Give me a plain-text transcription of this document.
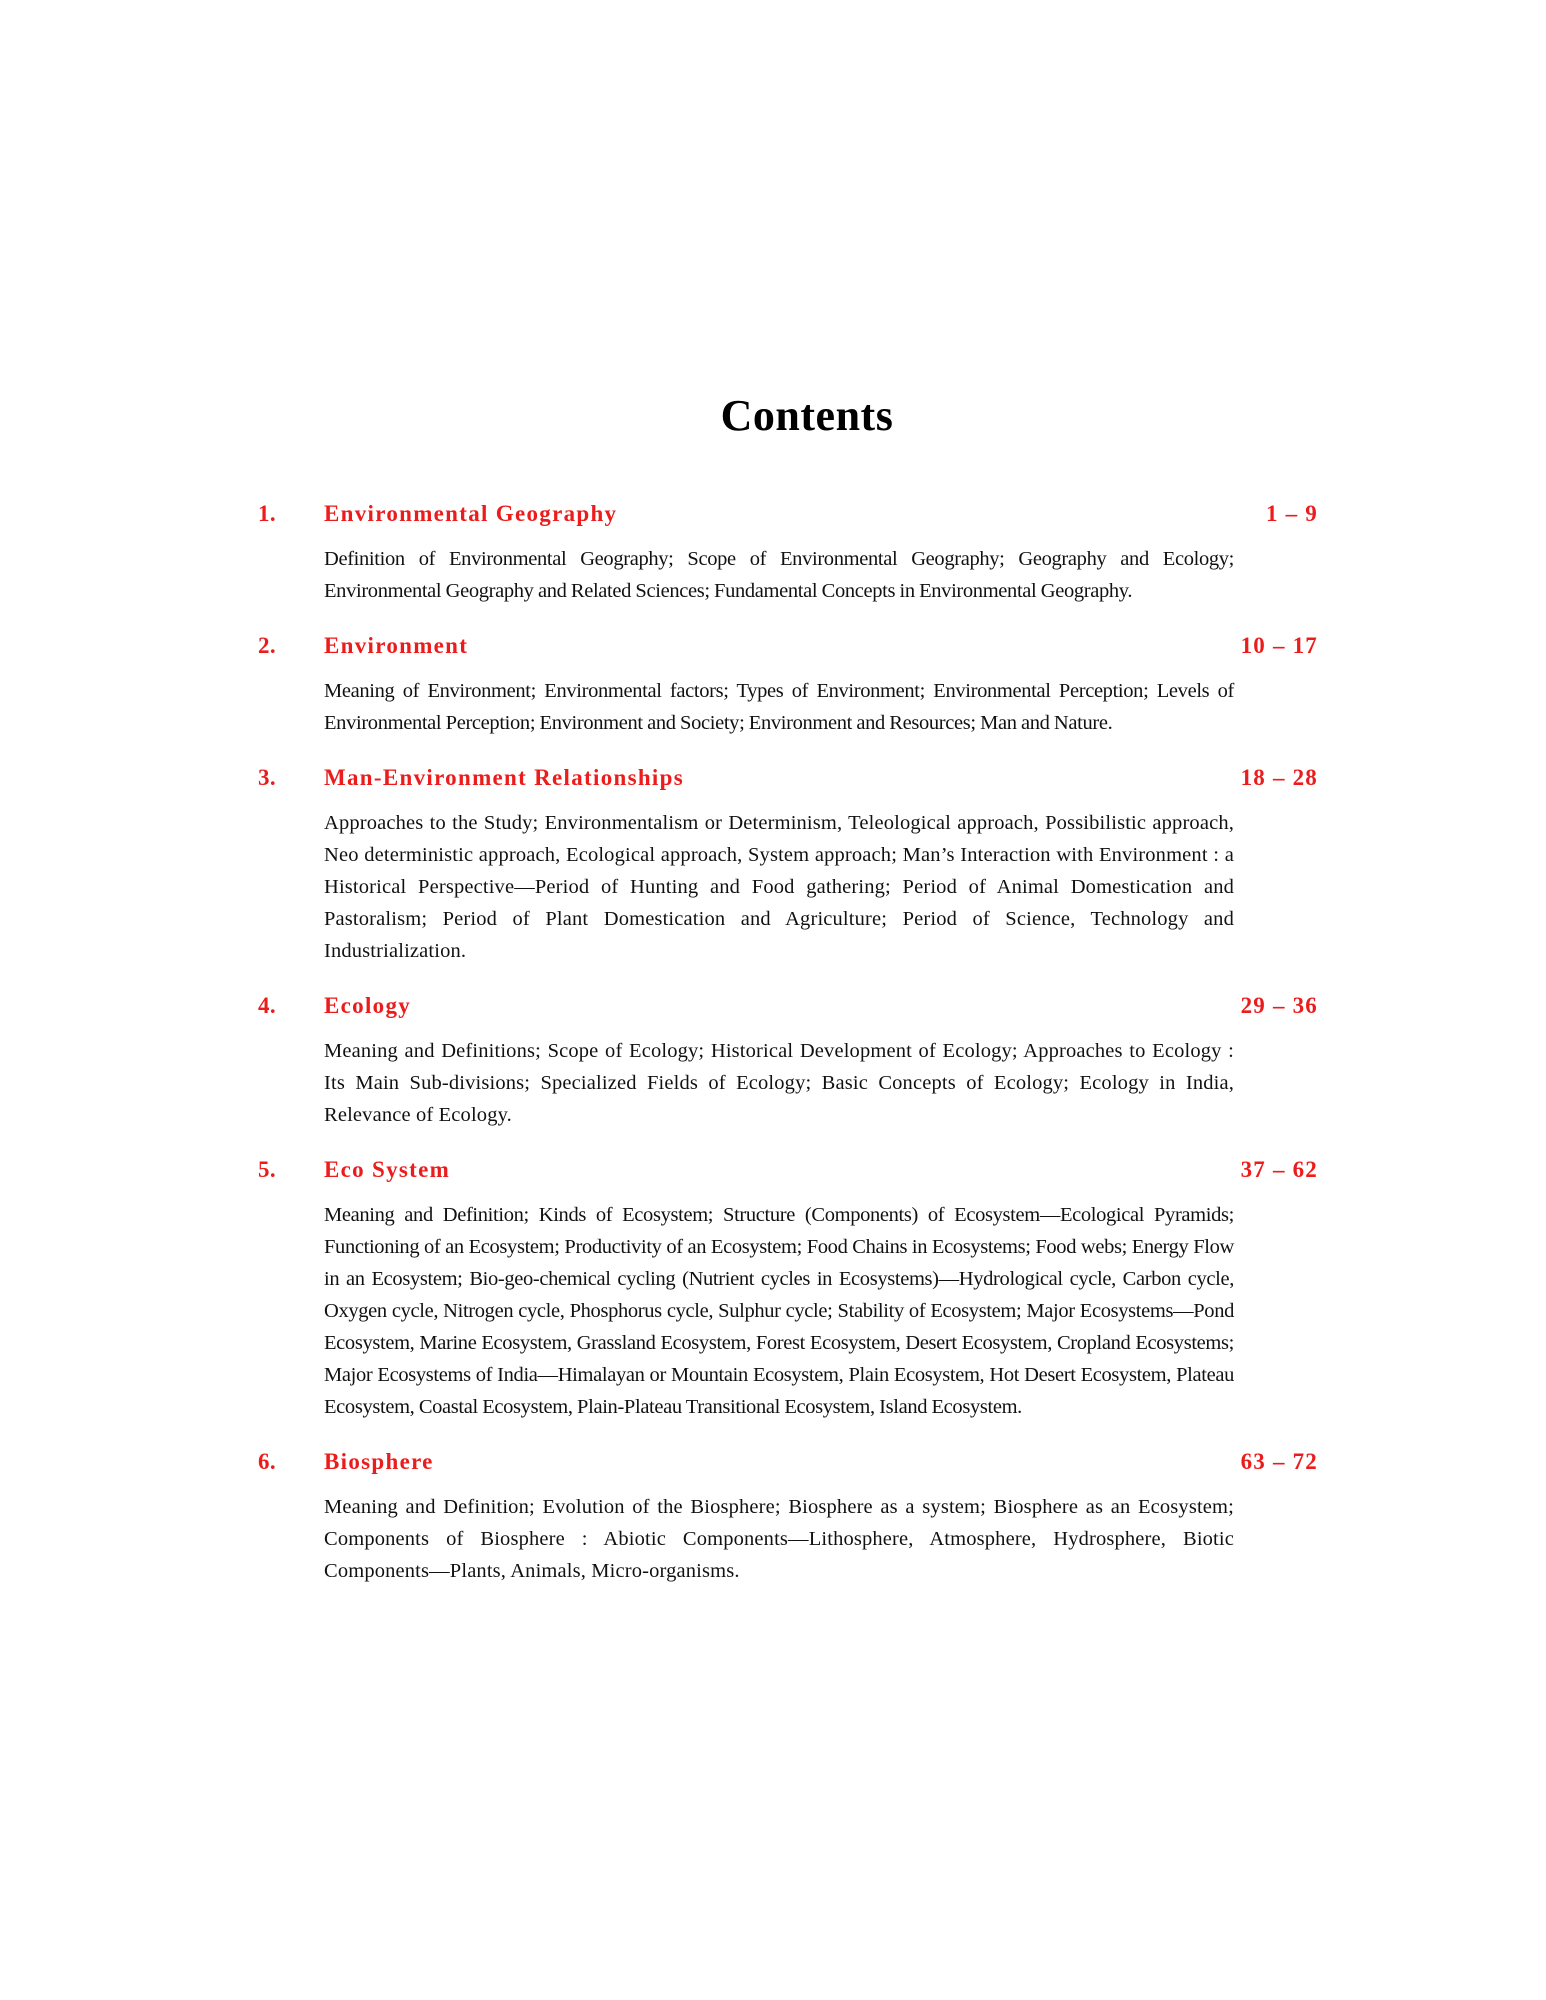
Contents
1.	Environmental Geography	1 – 9

Definition of Environmental Geography; Scope of Environmental Geography; Geography and Ecology; Environmental Geography and Related Sciences; Fundamental Concepts in Environmental Geography.

2.	Environment	10 – 17

Meaning of Environment; Environmental factors; Types of Environment; Environmental Perception; Levels of Environmental Perception; Environment and Society; Environment and Resources; Man and Nature.

3.	Man-Environment Relationships	18 – 28

Approaches to the Study; Environmentalism or Determinism, Teleological approach, Possibilistic approach, Neo deterministic approach, Ecological approach, System approach; Man’s Interaction with Environment : a Historical Perspective—Period of Hunting and Food gathering; Period of Animal Domestication and Pastoralism; Period of Plant Domestication and Agriculture; Period of Science, Technology and Industrialization.

4.	Ecology	29 – 36

Meaning and Definitions; Scope of Ecology; Historical Development of Ecology; Approaches to Ecology : Its Main Sub-divisions; Specialized Fields of Ecology; Basic Concepts of Ecology; Ecology in India, Relevance of Ecology.

5.	Eco System	37 – 62

Meaning and Definition; Kinds of Ecosystem; Structure (Components) of Ecosystem—Ecological Pyramids; Functioning of an Ecosystem; Productivity of an Ecosystem; Food Chains in Ecosystems; Food webs; Energy Flow in an Ecosystem; Bio-geo-chemical cycling (Nutrient cycles in Ecosystems)—Hydrological cycle, Carbon cycle, Oxygen cycle, Nitrogen cycle, Phosphorus cycle, Sulphur cycle; Stability of Ecosystem; Major Ecosystems—Pond Ecosystem, Marine Ecosystem, Grassland Ecosystem, Forest Ecosystem, Desert Ecosystem, Cropland Ecosystems; Major Ecosystems of India—Himalayan or Mountain Ecosystem, Plain Ecosystem, Hot Desert Ecosystem, Plateau Ecosystem, Coastal Ecosystem, Plain-Plateau Transitional Ecosystem, Island Ecosystem.

6.	Biosphere	63 – 72

Meaning and Definition; Evolution of the Biosphere; Biosphere as a system; Biosphere as an Ecosystem; Components of Biosphere : Abiotic Components—Lithosphere, Atmosphere, Hydrosphere, Biotic Components—Plants, Animals, Micro-organisms.
